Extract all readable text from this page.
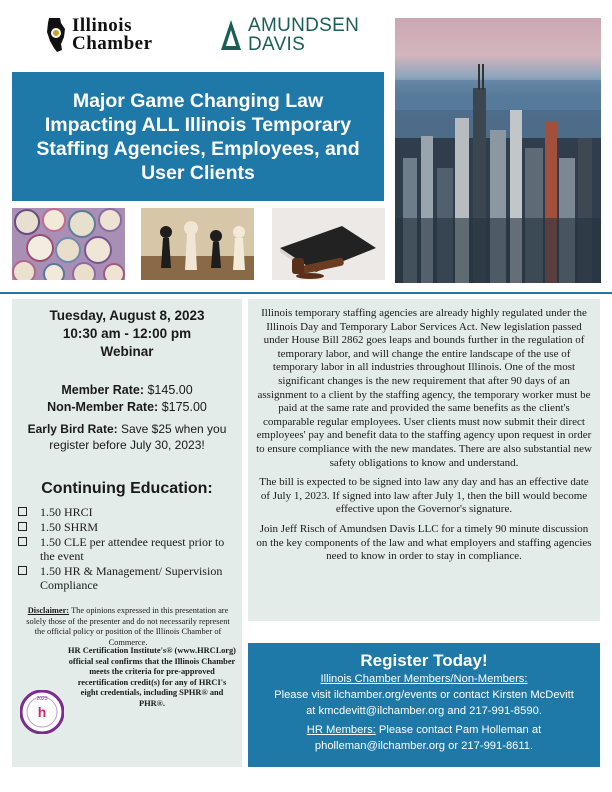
Illinois
Chamber
AMUNDSEN
DAVIS
Major Game Changing Law Impacting ALL Illinois Temporary Staffing Agencies, Employees, and User Clients
Tuesday, August 8, 2023
10:30 am - 12:00 pm
Webinar
Member Rate: $145.00
Non-Member Rate: $175.00
Early Bird Rate: Save $25 when you register before July 30, 2023!
Continuing Education:
1.50 HRCI
1.50 SHRM
1.50 CLE per attendee request prior to the event
1.50 HR & Management/ Supervision Compliance
Disclaimer: The opinions expressed in this presentation are solely those of the presenter and do not necessarily represent the official policy or position of the Illinois Chamber of Commerce.
h
2023
HR Certification Institute's® (www.HRCI.org) official seal confirms that the Illinois Chamber meets the criteria for pre-approved recertification credit(s) for any of HRCI's eight credentials, including SPHR® and PHR®.

Illinois temporary staffing agencies are already highly regulated under the Illinois Day and Temporary Labor Services Act. New legislation passed under House Bill 2862 goes leaps and bounds further in the regulation of temporary labor, and will change the entire landscape of the use of temporary labor in all industries throughout Illinois. One of the most significant changes is the new requirement that after 90 days of an assignment to a client by the staffing agency, the temporary worker must be paid at the same rate and provided the same benefits as the client's comparable regular employees. User clients must now submit their direct employees' pay and benefit data to the staffing agency upon request in order to ensure compliance with the new mandates. There are also substantial new safety obligations to know and understand.

The bill is expected to be signed into law any day and has an effective date of July 1, 2023. If signed into law after July 1, then the bill would become effective upon the Governor's signature.

Join Jeff Risch of Amundsen Davis LLC for a timely 90 minute discussion on the key components of the law and what employers and staffing agencies need to know in order to stay in compliance.

Register Today!
Illinois Chamber Members/Non-Members:
Please visit ilchamber.org/events or contact Kirsten McDevitt
at kmcdevitt@ilchamber.org and 217-991-8590.
HR Members: Please contact Pam Holleman at
pholleman@ilchamber.org or 217-991-8611.
